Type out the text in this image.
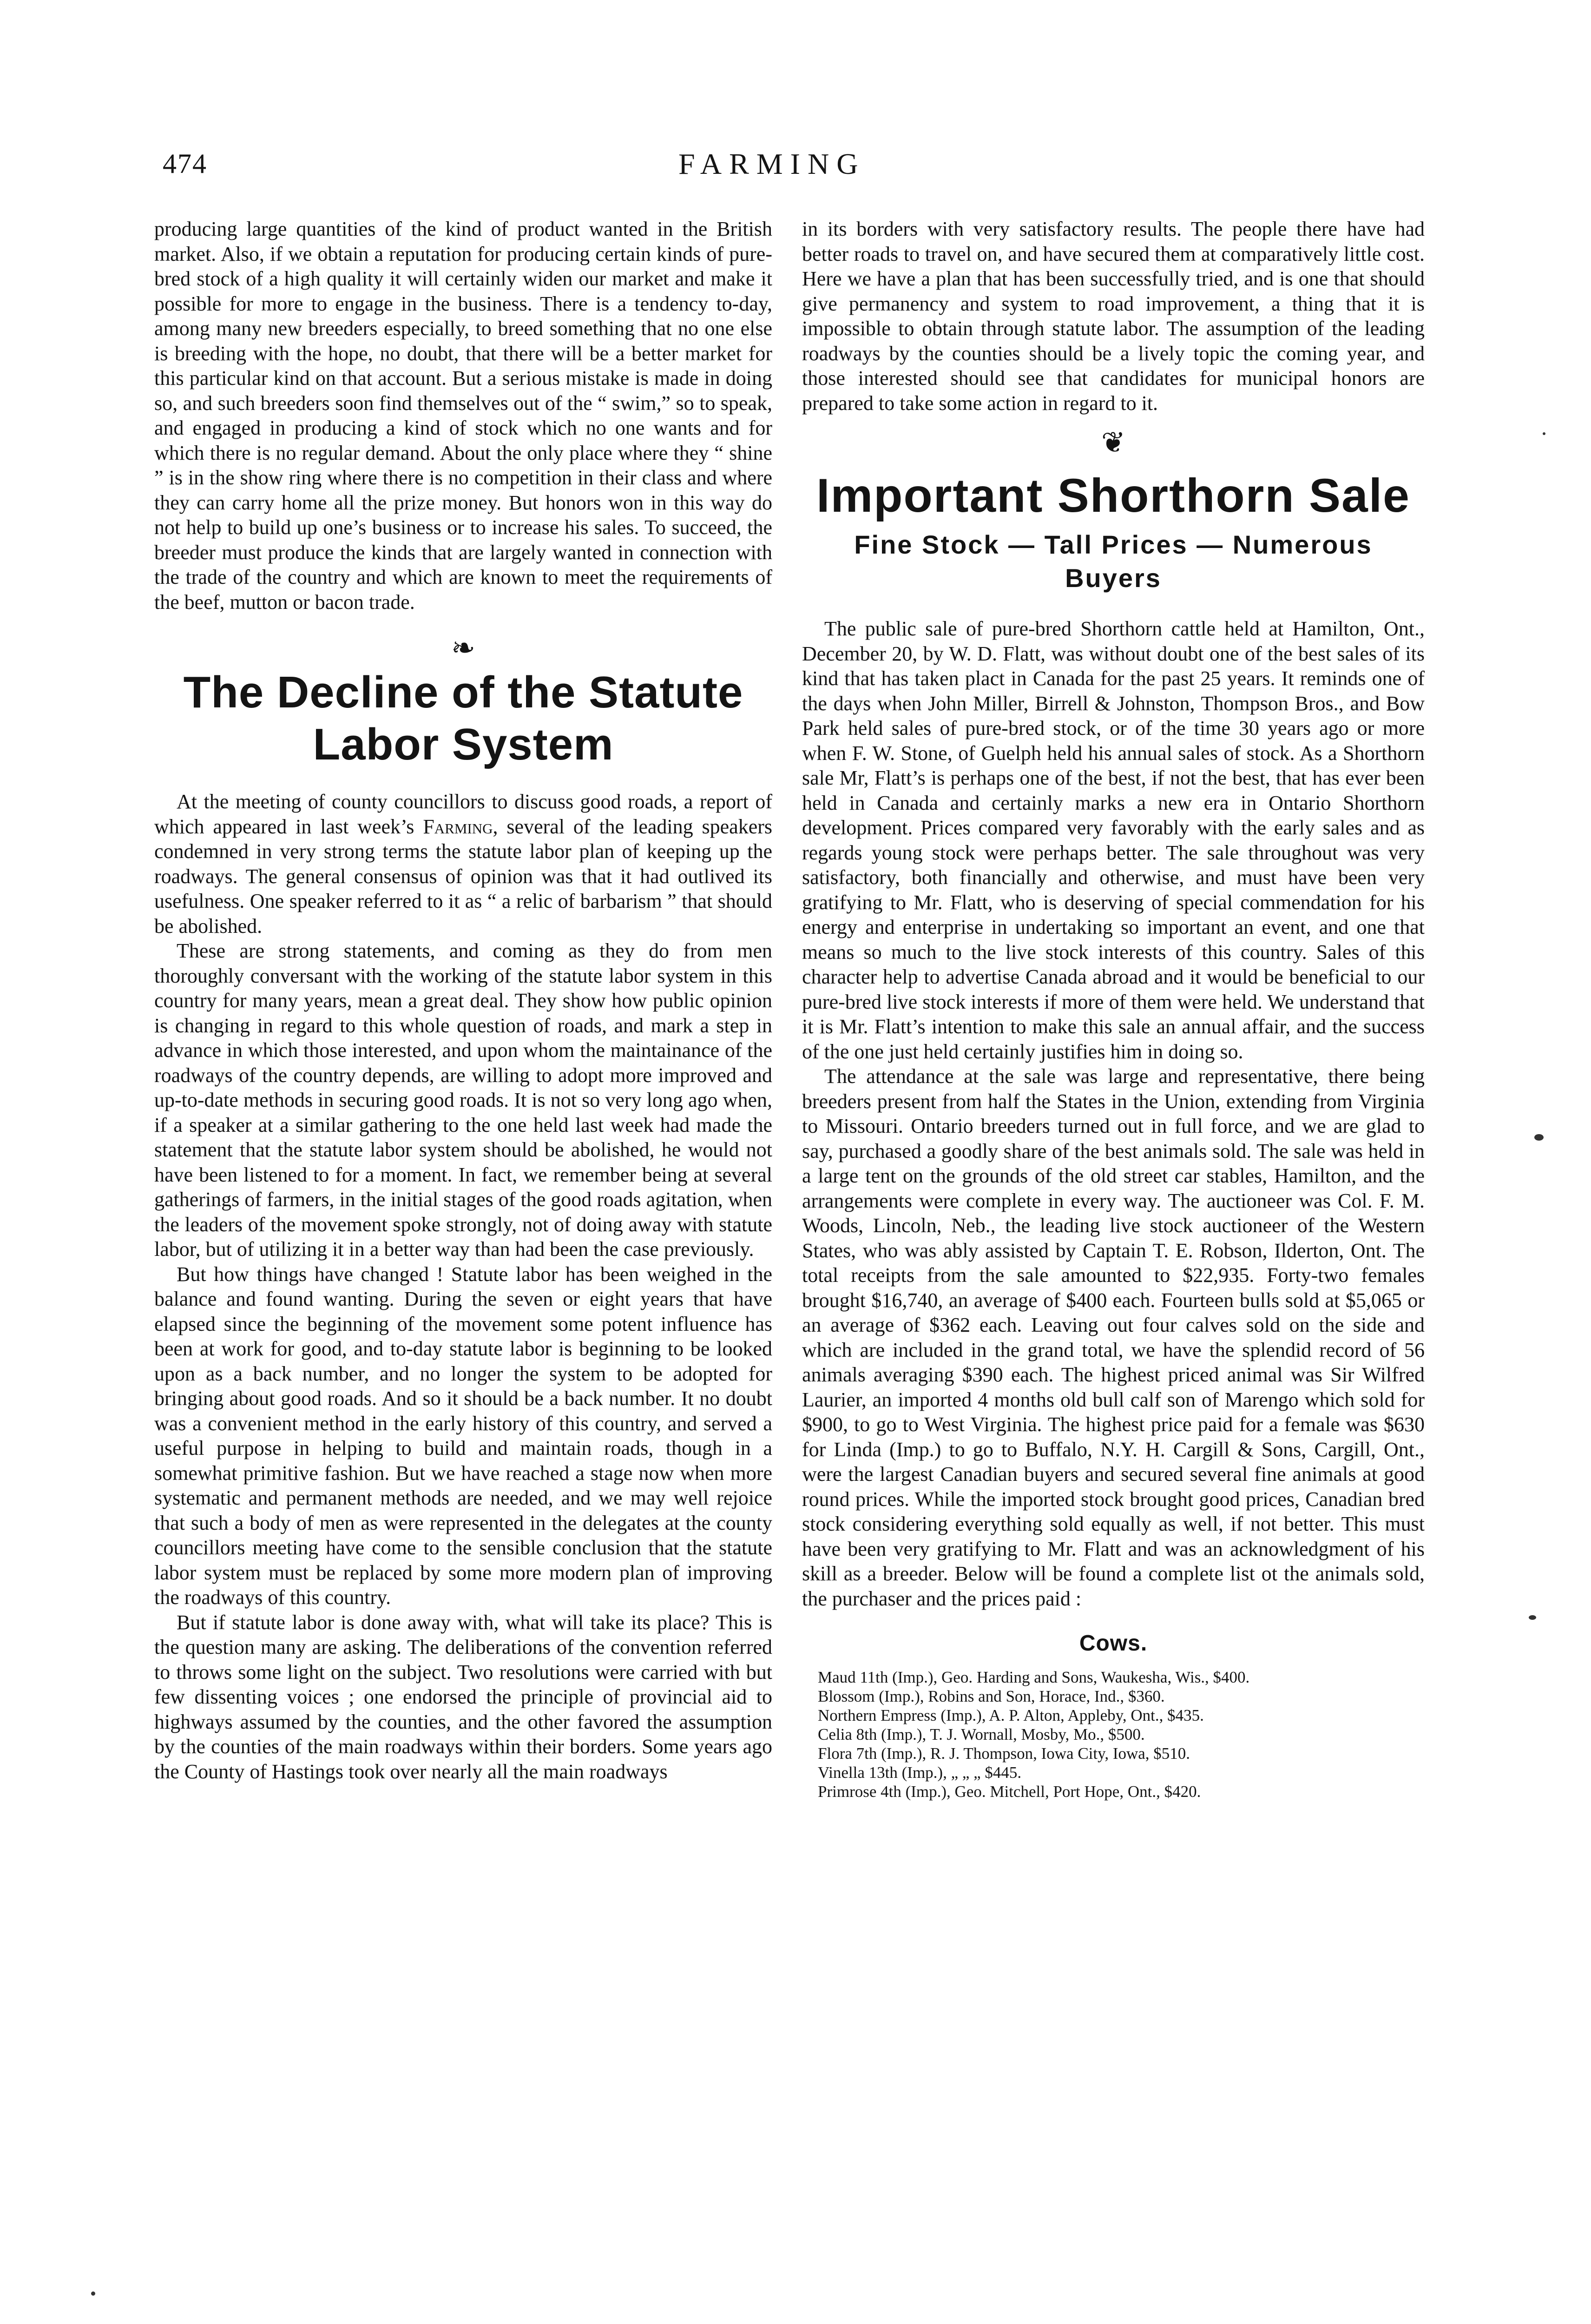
474	FARMING

producing large quantities of the kind of product wanted in the British market. Also, if we obtain a reputation for producing certain kinds of pure-bred stock of a high quality it will certainly widen our market and make it possible for more to engage in the business. There is a tendency to-day, among many new breeders especially, to breed something that no one else is breeding with the hope, no doubt, that there will be a better market for this particular kind on that account. But a serious mistake is made in doing so, and such breeders soon find themselves out of the “ swim,” so to speak, and engaged in producing a kind of stock which no one wants and for which there is no regular demand. About the only place where they “ shine ” is in the show ring where there is no competition in their class and where they can carry home all the prize money. But honors won in this way do not help to build up one’s business or to increase his sales. To succeed, the breeder must produce the kinds that are largely wanted in connection with the trade of the country and which are known to meet the requirements of the beef, mutton or bacon trade.

❧
The Decline of the Statute Labor System

At the meeting of county councillors to discuss good roads, a report of which appeared in last week’s Farming, several of the leading speakers condemned in very strong terms the statute labor plan of keeping up the roadways. The general consensus of opinion was that it had outlived its usefulness. One speaker referred to it as “ a relic of barbarism ” that should be abolished.

These are strong statements, and coming as they do from men thoroughly conversant with the working of the statute labor system in this country for many years, mean a great deal. They show how public opinion is changing in regard to this whole question of roads, and mark a step in advance in which those interested, and upon whom the maintainance of the roadways of the country depends, are willing to adopt more improved and up-to-date methods in securing good roads. It is not so very long ago when, if a speaker at a similar gathering to the one held last week had made the statement that the statute labor system should be abolished, he would not have been listened to for a moment. In fact, we remember being at several gatherings of farmers, in the initial stages of the good roads agitation, when the leaders of the movement spoke strongly, not of doing away with statute labor, but of utilizing it in a better way than had been the case previously.

But how things have changed ! Statute labor has been weighed in the balance and found wanting. During the seven or eight years that have elapsed since the beginning of the movement some potent influence has been at work for good, and to-day statute labor is beginning to be looked upon as a back number, and no longer the system to be adopted for bringing about good roads. And so it should be a back number. It no doubt was a convenient method in the early history of this country, and served a useful purpose in helping to build and maintain roads, though in a somewhat primitive fashion. But we have reached a stage now when more systematic and permanent methods are needed, and we may well rejoice that such a body of men as were represented in the delegates at the county councillors meeting have come to the sensible conclusion that the statute labor system must be replaced by some more modern plan of improving the roadways of this country.

But if statute labor is done away with, what will take its place? This is the question many are asking. The deliberations of the convention referred to throws some light on the subject. Two resolutions were carried with but few dissenting voices ; one endorsed the principle of provincial aid to highways assumed by the counties, and the other favored the assumption by the counties of the main roadways within their borders. Some years ago the County of Hastings took over nearly all the main roadways

in its borders with very satisfactory results. The people there have had better roads to travel on, and have secured them at comparatively little cost. Here we have a plan that has been successfully tried, and is one that should give permanency and system to road improvement, a thing that it is impossible to obtain through statute labor. The assumption of the leading roadways by the counties should be a lively topic the coming year, and those interested should see that candidates for municipal honors are prepared to take some action in regard to it.

❦
Important Shorthorn Sale
Fine Stock — Tall Prices — Numerous Buyers

The public sale of pure-bred Shorthorn cattle held at Hamilton, Ont., December 20, by W. D. Flatt, was without doubt one of the best sales of its kind that has taken plact in Canada for the past 25 years. It reminds one of the days when John Miller, Birrell & Johnston, Thompson Bros., and Bow Park held sales of pure-bred stock, or of the time 30 years ago or more when F. W. Stone, of Guelph held his annual sales of stock. As a Shorthorn sale Mr, Flatt’s is perhaps one of the best, if not the best, that has ever been held in Canada and certainly marks a new era in Ontario Shorthorn development. Prices compared very favorably with the early sales and as regards young stock were perhaps better. The sale throughout was very satisfactory, both financially and otherwise, and must have been very gratifying to Mr. Flatt, who is deserving of special commendation for his energy and enterprise in undertaking so important an event, and one that means so much to the live stock interests of this country. Sales of this character help to advertise Canada abroad and it would be beneficial to our pure-bred live stock interests if more of them were held. We understand that it is Mr. Flatt’s intention to make this sale an annual affair, and the success of the one just held certainly justifies him in doing so.

The attendance at the sale was large and representative, there being breeders present from half the States in the Union, extending from Virginia to Missouri. Ontario breeders turned out in full force, and we are glad to say, purchased a goodly share of the best animals sold. The sale was held in a large tent on the grounds of the old street car stables, Hamilton, and the arrangements were complete in every way. The auctioneer was Col. F. M. Woods, Lincoln, Neb., the leading live stock auctioneer of the Western States, who was ably assisted by Captain T. E. Robson, Ilderton, Ont. The total receipts from the sale amounted to $22,935. Forty-two females brought $16,740, an average of $400 each. Fourteen bulls sold at $5,065 or an average of $362 each. Leaving out four calves sold on the side and which are included in the grand total, we have the splendid record of 56 animals averaging $390 each. The highest priced animal was Sir Wilfred Laurier, an imported 4 months old bull calf son of Marengo which sold for $900, to go to West Virginia. The highest price paid for a female was $630 for Linda (Imp.) to go to Buffalo, N.Y. H. Cargill & Sons, Cargill, Ont., were the largest Canadian buyers and secured several fine animals at good round prices. While the imported stock brought good prices, Canadian bred stock considering everything sold equally as well, if not better. This must have been very gratifying to Mr. Flatt and was an acknowledgment of his skill as a breeder. Below will be found a complete list ot the animals sold, the purchaser and the prices paid :

Cows.
Maud 11th (Imp.), Geo. Harding and Sons, Waukesha, Wis., $400.
Blossom (Imp.), Robins and Son, Horace, Ind., $360.
Northern Empress (Imp.), A. P. Alton, Appleby, Ont., $435.
Celia 8th (Imp.), T. J. Wornall, Mosby, Mo., $500.
Flora 7th (Imp.), R. J. Thompson, Iowa City, Iowa, $510.
Vinella 13th (Imp.), „ „ „ $445.
Primrose 4th (Imp.), Geo. Mitchell, Port Hope, Ont., $420.
